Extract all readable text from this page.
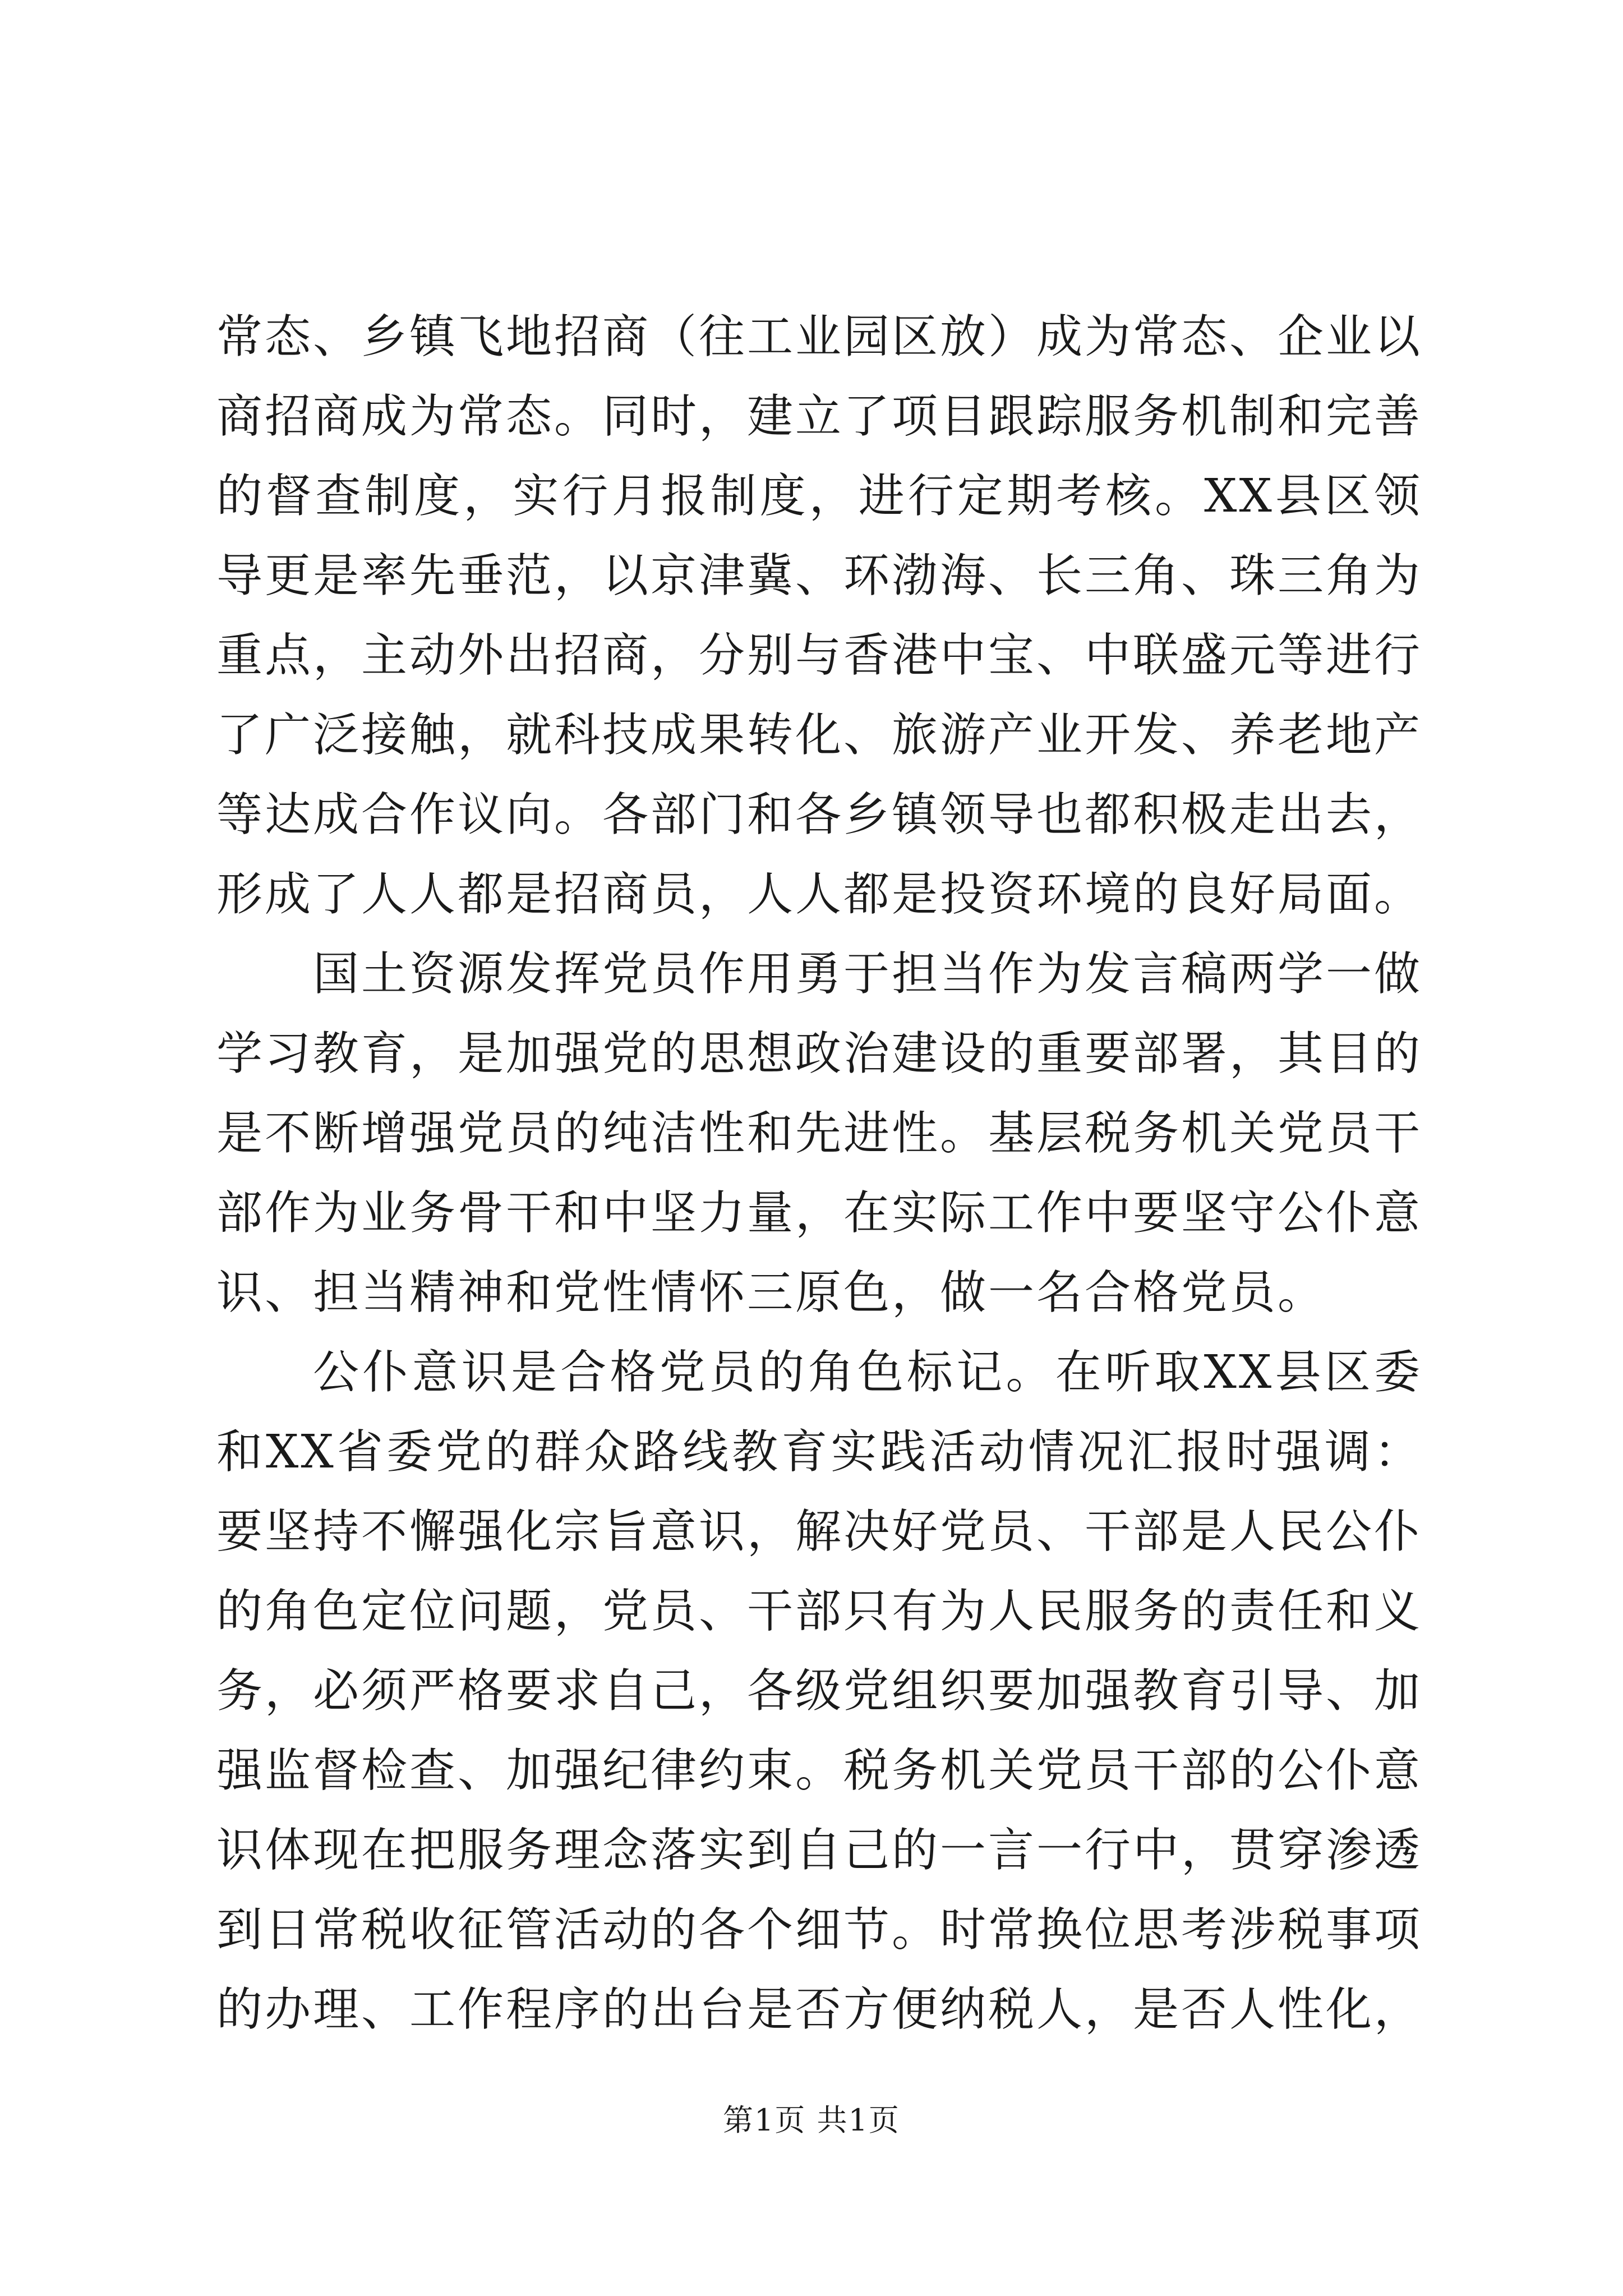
常态、乡镇飞地招商（往工业园区放）成为常态、企业以商招商成为常态。同时，建立了项目跟踪服务机制和完善的督查制度，实行月报制度，进行定期考核。XX县区领导更是率先垂范，以京津冀、环渤海、长三角、珠三角为重点，主动外出招商，分别与香港中宝、中联盛元等进行了广泛接触，就科技成果转化、旅游产业开发、养老地产等达成合作议向。各部门和各乡镇领导也都积极走出去，形成了人人都是招商员，人人都是投资环境的良好局面。

国土资源发挥党员作用勇于担当作为发言稿两学一做学习教育，是加强党的思想政治建设的重要部署，其目的是不断增强党员的纯洁性和先进性。基层税务机关党员干部作为业务骨干和中坚力量，在实际工作中要坚守公仆意识、担当精神和党性情怀三原色，做一名合格党员。

公仆意识是合格党员的角色标记。在听取XX县区委和XX省委党的群众路线教育实践活动情况汇报时强调：要坚持不懈强化宗旨意识，解决好党员、干部是人民公仆的角色定位问题，党员、干部只有为人民服务的责任和义务，必须严格要求自己，各级党组织要加强教育引导、加强监督检查、加强纪律约束。税务机关党员干部的公仆意识体现在把服务理念落实到自己的一言一行中，贯穿渗透到日常税收征管活动的各个细节。时常换位思考涉税事项的办理、工作程序的出台是否方便纳税人，是否人性化，

第1页 共1页
